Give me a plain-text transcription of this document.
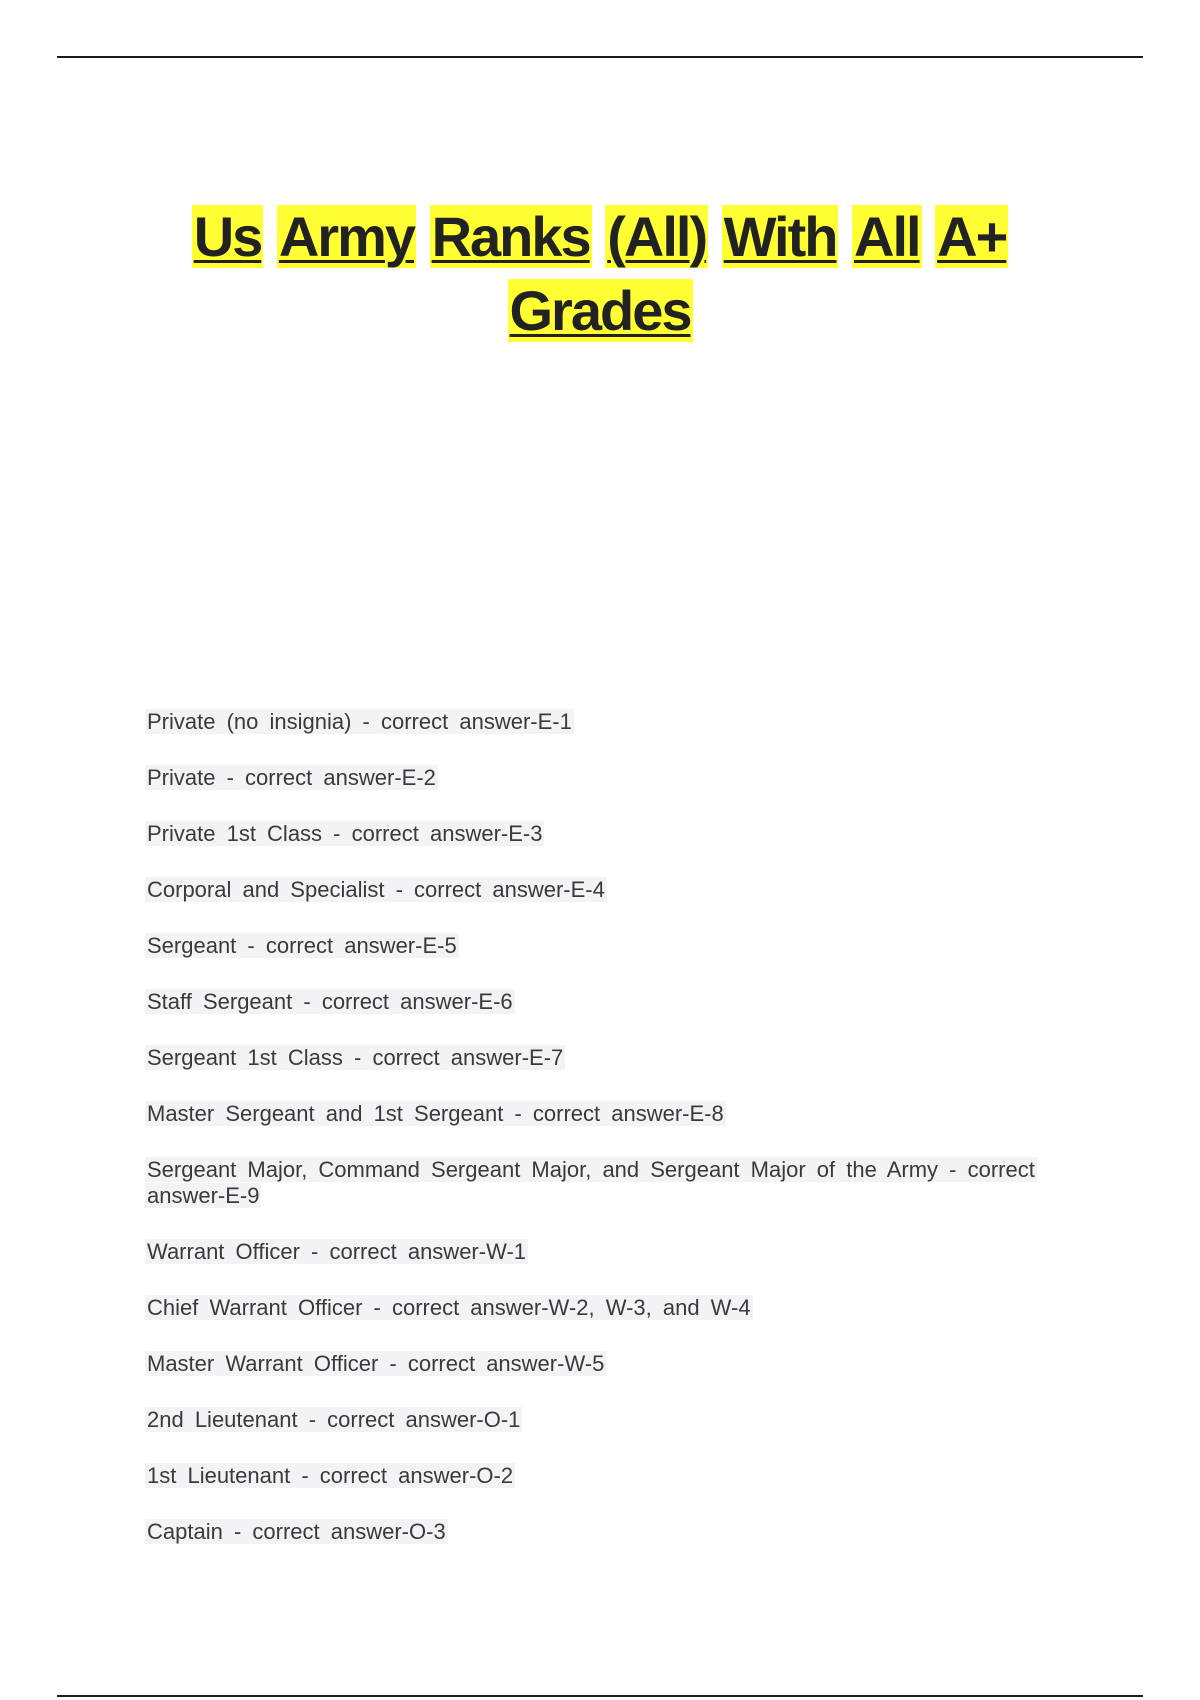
Us Army Ranks (All) With All A+
Grades
Private (no insignia) - correct answer-E-1
Private - correct answer-E-2
Private 1st Class - correct answer-E-3
Corporal and Specialist - correct answer-E-4
Sergeant - correct answer-E-5
Staff Sergeant - correct answer-E-6
Sergeant 1st Class - correct answer-E-7
Master Sergeant and 1st Sergeant - correct answer-E-8
Sergeant Major, Command Sergeant Major, and Sergeant Major of the Army - correct answer-E-9
Warrant Officer - correct answer-W-1
Chief Warrant Officer - correct answer-W-2, W-3, and W-4
Master Warrant Officer - correct answer-W-5
2nd Lieutenant - correct answer-O-1
1st Lieutenant - correct answer-O-2
Captain - correct answer-O-3
